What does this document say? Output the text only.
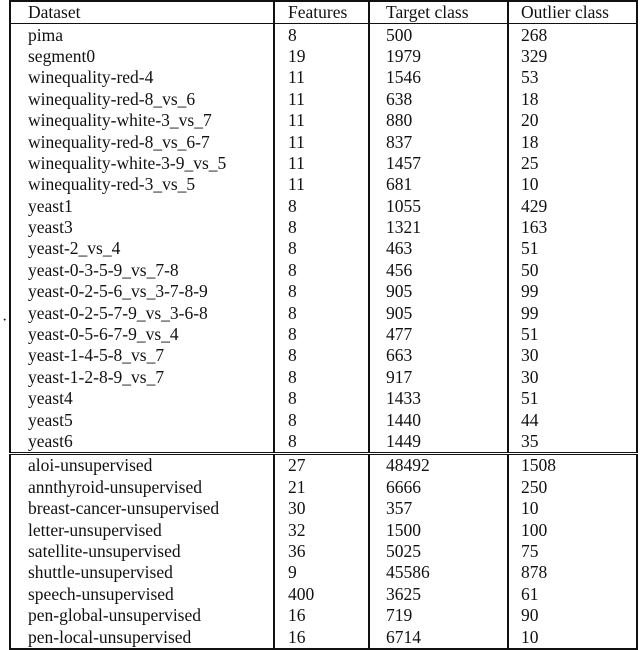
·
Dataset	Features	Target class	Outlier class
pima	8	500	268
segment0	19	1979	329
winequality-red-4	11	1546	53
winequality-red-8_vs_6	11	638	18
winequality-white-3_vs_7	11	880	20
winequality-red-8_vs_6-7	11	837	18
winequality-white-3-9_vs_5	11	1457	25
winequality-red-3_vs_5	11	681	10
yeast1	8	1055	429
yeast3	8	1321	163
yeast-2_vs_4	8	463	51
yeast-0-3-5-9_vs_7-8	8	456	50
yeast-0-2-5-6_vs_3-7-8-9	8	905	99
yeast-0-2-5-7-9_vs_3-6-8	8	905	99
yeast-0-5-6-7-9_vs_4	8	477	51
yeast-1-4-5-8_vs_7	8	663	30
yeast-1-2-8-9_vs_7	8	917	30
yeast4	8	1433	51
yeast5	8	1440	44
yeast6	8	1449	35
aloi-unsupervised	27	48492	1508
annthyroid-unsupervised	21	6666	250
breast-cancer-unsupervised	30	357	10
letter-unsupervised	32	1500	100
satellite-unsupervised	36	5025	75
shuttle-unsupervised	9	45586	878
speech-unsupervised	400	3625	61
pen-global-unsupervised	16	719	90
pen-local-unsupervised	16	6714	10
